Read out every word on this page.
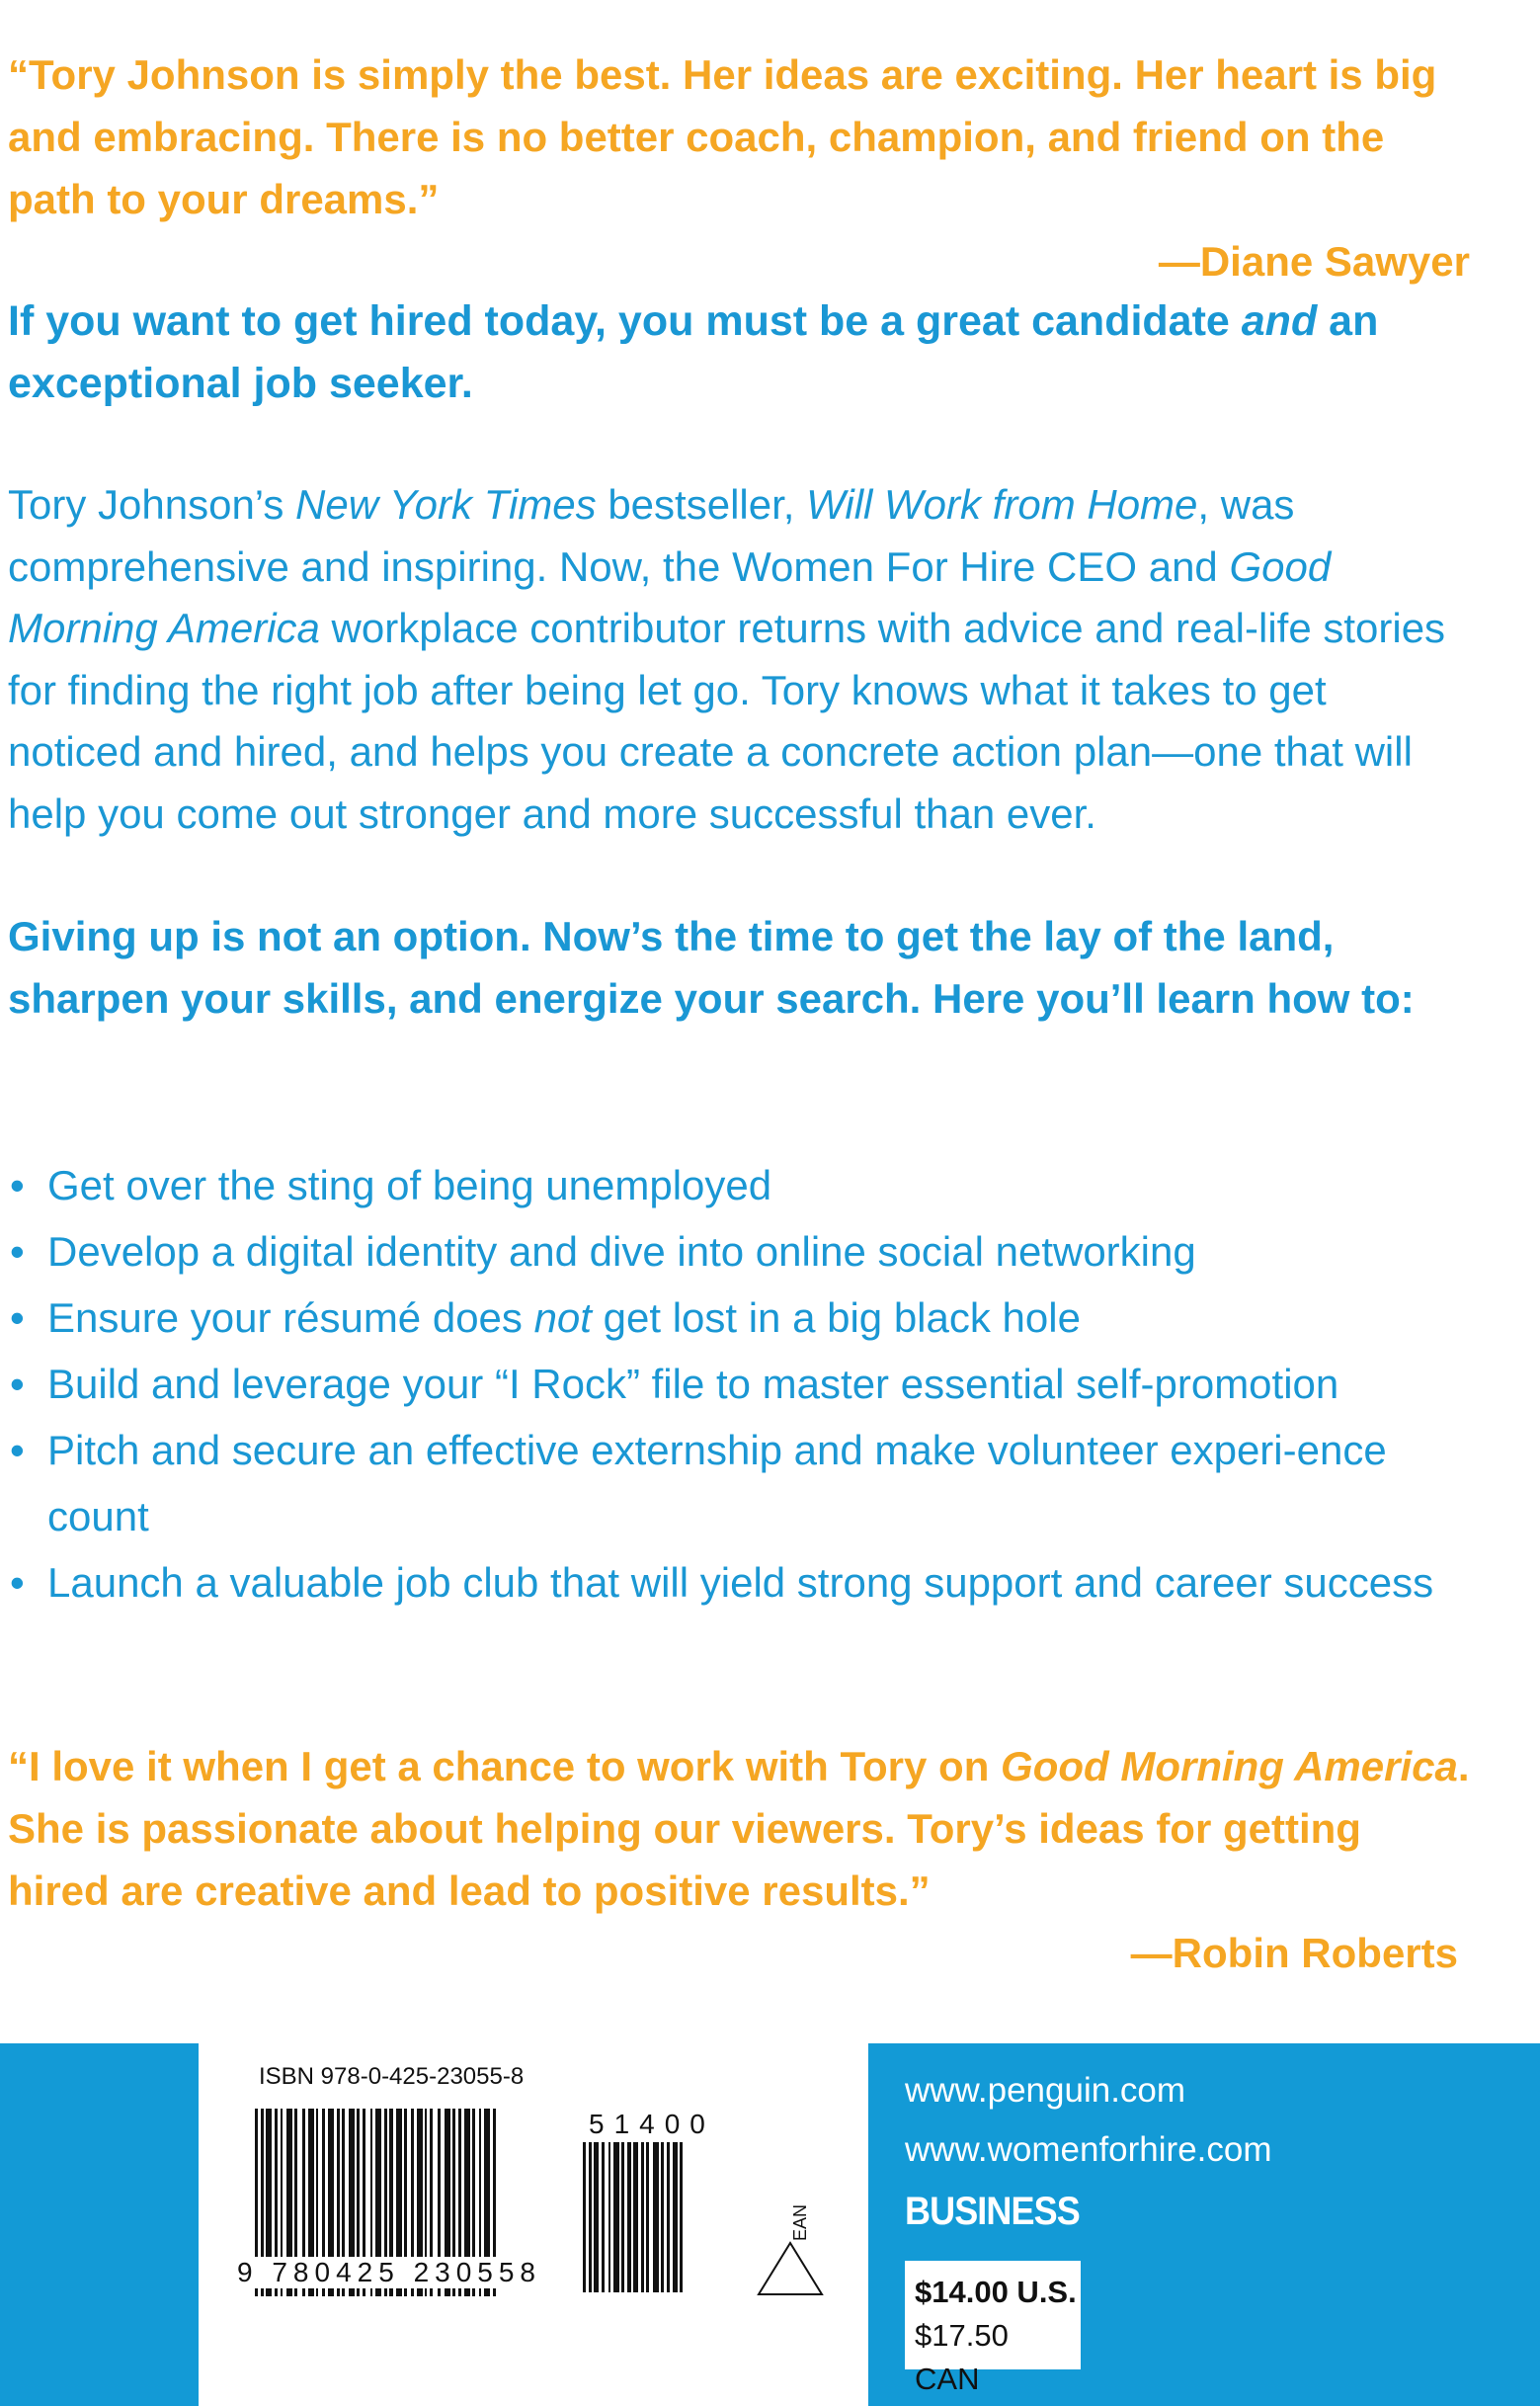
“Tory Johnson is simply the best. Her ideas are exciting. Her heart is big and embracing. There is no better coach, champion, and friend on the path to your dreams.”
—Diane Sawyer
If you want to get hired today, you must be a great candidate and an exceptional job seeker.
Tory Johnson’s New York Times bestseller, Will Work from Home, was comprehensive and inspiring. Now, the Women For Hire CEO and Good Morning America workplace contributor returns with advice and real-life stories for finding the right job after being let go. Tory knows what it takes to get noticed and hired, and helps you create a concrete action plan—one that will help you come out stronger and more successful than ever.
Giving up is not an option. Now’s the time to get the lay of the land, sharpen your skills, and energize your search. Here you’ll learn how to:
• Get over the sting of being unemployed
• Develop a digital identity and dive into online social networking
• Ensure your résumé does not get lost in a big black hole
• Build and leverage your “I Rock” file to master essential self-promotion
• Pitch and secure an effective externship and make volunteer experi-ence count
• Launch a valuable job club that will yield strong support and career success
“I love it when I get a chance to work with Tory on Good Morning America. She is passionate about helping our viewers. Tory’s ideas for getting hired are creative and lead to positive results.”
—Robin Roberts
ISBN 978-0-425-23055-8
9 780425 230558
51400
EAN
www.penguin.com
www.womenforhire.com
BUSINESS
$14.00 U.S.
$17.50 CAN
